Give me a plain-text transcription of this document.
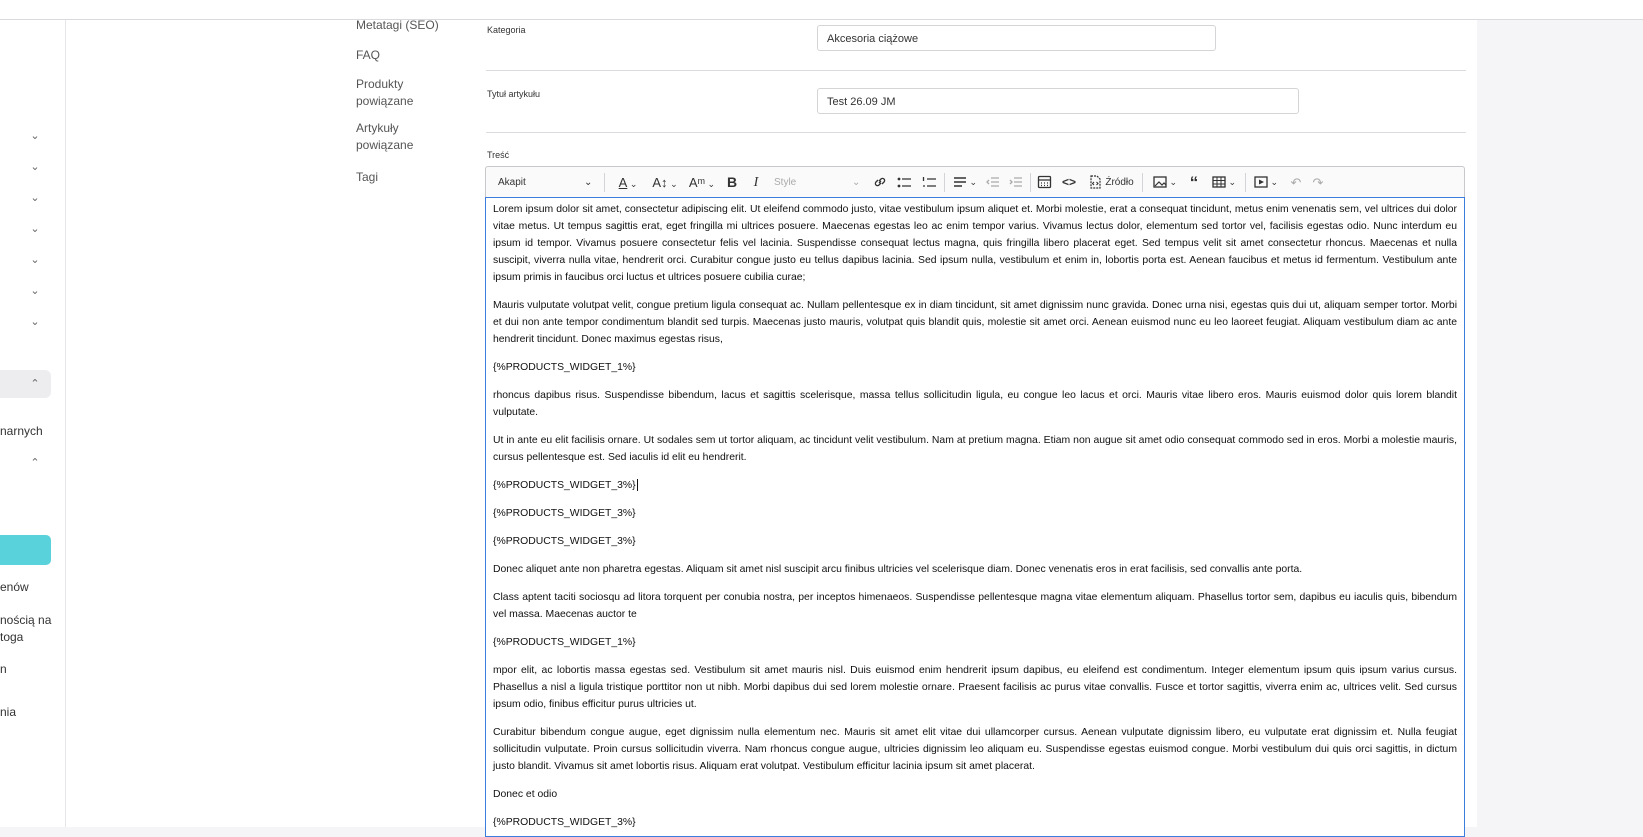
⌄
⌄
⌄
⌄
⌄
⌄
⌄
⌃
narnych
⌃
enów
nością na
toga
n
nia
Metatagi (SEO)
FAQ
Produkty powiązane
Artykuły powiązane
Tagi
Kategoria
Akcesoria ciążowe
Tytuł artykułu
Test 26.09 JM
Treść
Akapit	⌄	A ⌄	A↕ ⌄ Aᵐ ⌄ B	I	Style	⌄	⌄	<>	Źródło	⌄ “	⌄	⌄ ↶ ↷

Lorem ipsum dolor sit amet, consectetur adipiscing elit. Ut eleifend commodo justo, vitae vestibulum ipsum aliquet et. Morbi molestie, erat a consequat tincidunt, metus enim venenatis sem, vel ultrices dui dolor vitae metus. Ut tempus sagittis erat, eget fringilla mi ultrices posuere. Maecenas egestas leo ac enim tempor varius. Vivamus lectus dolor, elementum sed tortor vel, facilisis egestas odio. Nunc interdum eu ipsum id tempor. Vivamus posuere consectetur felis vel lacinia. Suspendisse consequat lectus magna, quis fringilla libero placerat eget. Sed tempus velit sit amet consectetur rhoncus. Maecenas et nulla suscipit, viverra nulla vitae, hendrerit orci. Curabitur congue justo eu tellus dapibus lacinia. Sed ipsum nulla, vestibulum et enim in, lobortis porta est. Aenean faucibus et metus id fermentum. Vestibulum ante ipsum primis in faucibus orci luctus et ultrices posuere cubilia curae;

Mauris vulputate volutpat velit, congue pretium ligula consequat ac. Nullam pellentesque ex in diam tincidunt, sit amet dignissim nunc gravida. Donec urna nisi, egestas quis dui ut, aliquam semper tortor. Morbi et dui non ante tempor condimentum blandit sed turpis. Maecenas justo mauris, volutpat quis blandit quis, molestie sit amet orci. Aenean euismod nunc eu leo laoreet feugiat. Aliquam vestibulum diam ac ante hendrerit tincidunt. Donec maximus egestas risus,

{%PRODUCTS_WIDGET_1%}

rhoncus dapibus risus. Suspendisse bibendum, lacus et sagittis scelerisque, massa tellus sollicitudin ligula, eu congue leo lacus et orci. Mauris vitae libero eros. Mauris euismod dolor quis lorem blandit vulputate.

Ut in ante eu elit facilisis ornare. Ut sodales sem ut tortor aliquam, ac tincidunt velit vestibulum. Nam at pretium magna. Etiam non augue sit amet odio consequat commodo sed in eros. Morbi a molestie mauris, cursus pellentesque est. Sed iaculis id elit eu hendrerit.

{%PRODUCTS_WIDGET_3%}

{%PRODUCTS_WIDGET_3%}

{%PRODUCTS_WIDGET_3%}

Donec aliquet ante non pharetra egestas. Aliquam sit amet nisl suscipit arcu finibus ultricies vel scelerisque diam. Donec venenatis eros in erat facilisis, sed convallis ante porta.

Class aptent taciti sociosqu ad litora torquent per conubia nostra, per inceptos himenaeos. Suspendisse pellentesque magna vitae elementum aliquam. Phasellus tortor sem, dapibus eu iaculis quis, bibendum vel massa. Maecenas auctor te

{%PRODUCTS_WIDGET_1%}

mpor elit, ac lobortis massa egestas sed. Vestibulum sit amet mauris nisl. Duis euismod enim hendrerit ipsum dapibus, eu eleifend est condimentum. Integer elementum ipsum quis ipsum varius cursus. Phasellus a nisl a ligula tristique porttitor non ut nibh. Morbi dapibus dui sed lorem molestie ornare. Praesent facilisis ac purus vitae convallis. Fusce et tortor sagittis, viverra enim ac, ultrices velit. Sed cursus ipsum odio, finibus efficitur purus ultricies ut.

Curabitur bibendum congue augue, eget dignissim nulla elementum nec. Mauris sit amet elit vitae dui ullamcorper cursus. Aenean vulputate dignissim libero, eu vulputate erat dignissim et. Nulla feugiat sollicitudin vulputate. Proin cursus sollicitudin viverra. Nam rhoncus congue augue, ultricies dignissim leo aliquam eu. Suspendisse egestas euismod congue. Morbi vestibulum dui quis orci sagittis, in dictum justo blandit. Vivamus sit amet lobortis risus. Aliquam erat volutpat. Vestibulum efficitur lacinia ipsum sit amet placerat.

Donec et odio

{%PRODUCTS_WIDGET_3%}
